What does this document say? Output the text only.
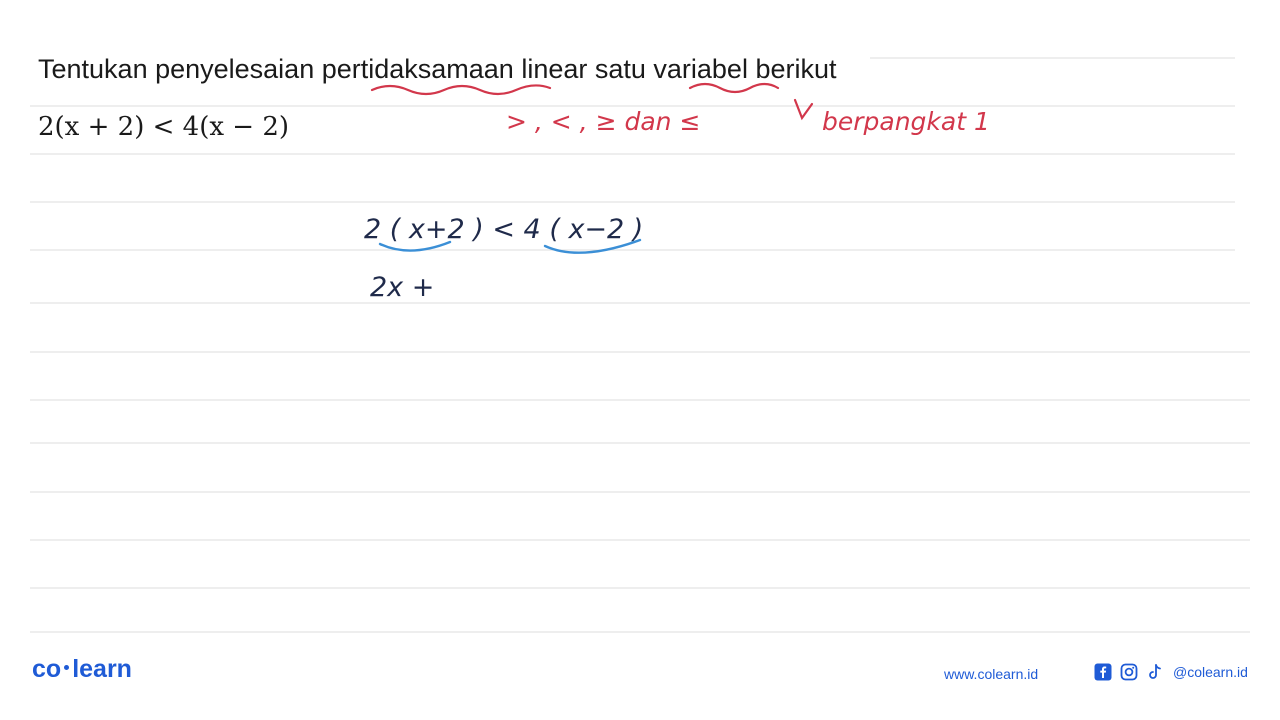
Tentukan penyelesaian pertidaksamaan linear satu variabel berikut
2(x + 2) < 4(x − 2)	> , < , ≥ dan ≤	berpangkat 1
2 ( x+2 ) < 4 ( x−2 )
2x +
co learn	www.colearn.id	@colearn.id
